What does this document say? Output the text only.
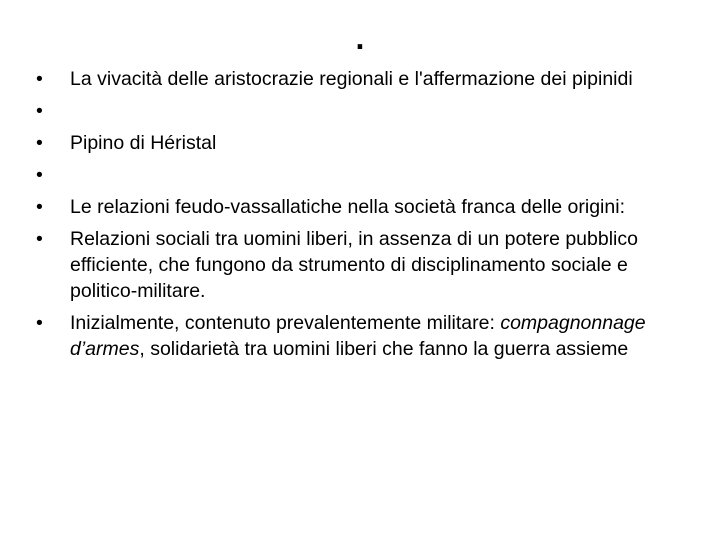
.
•	La vivacità delle aristocrazie regionali e l'affermazione dei pipinidi
•
•	Pipino di Héristal
•
•	Le relazioni feudo-vassallatiche nella società franca delle origini:
•	Relazioni sociali tra uomini liberi, in assenza di un potere pubblico efficiente, che fungono da strumento di disciplinamento sociale e politico-militare.
•	Inizialmente, contenuto prevalentemente militare: compagnonnage d’armes, solidarietà tra uomini liberi che fanno la guerra assieme
